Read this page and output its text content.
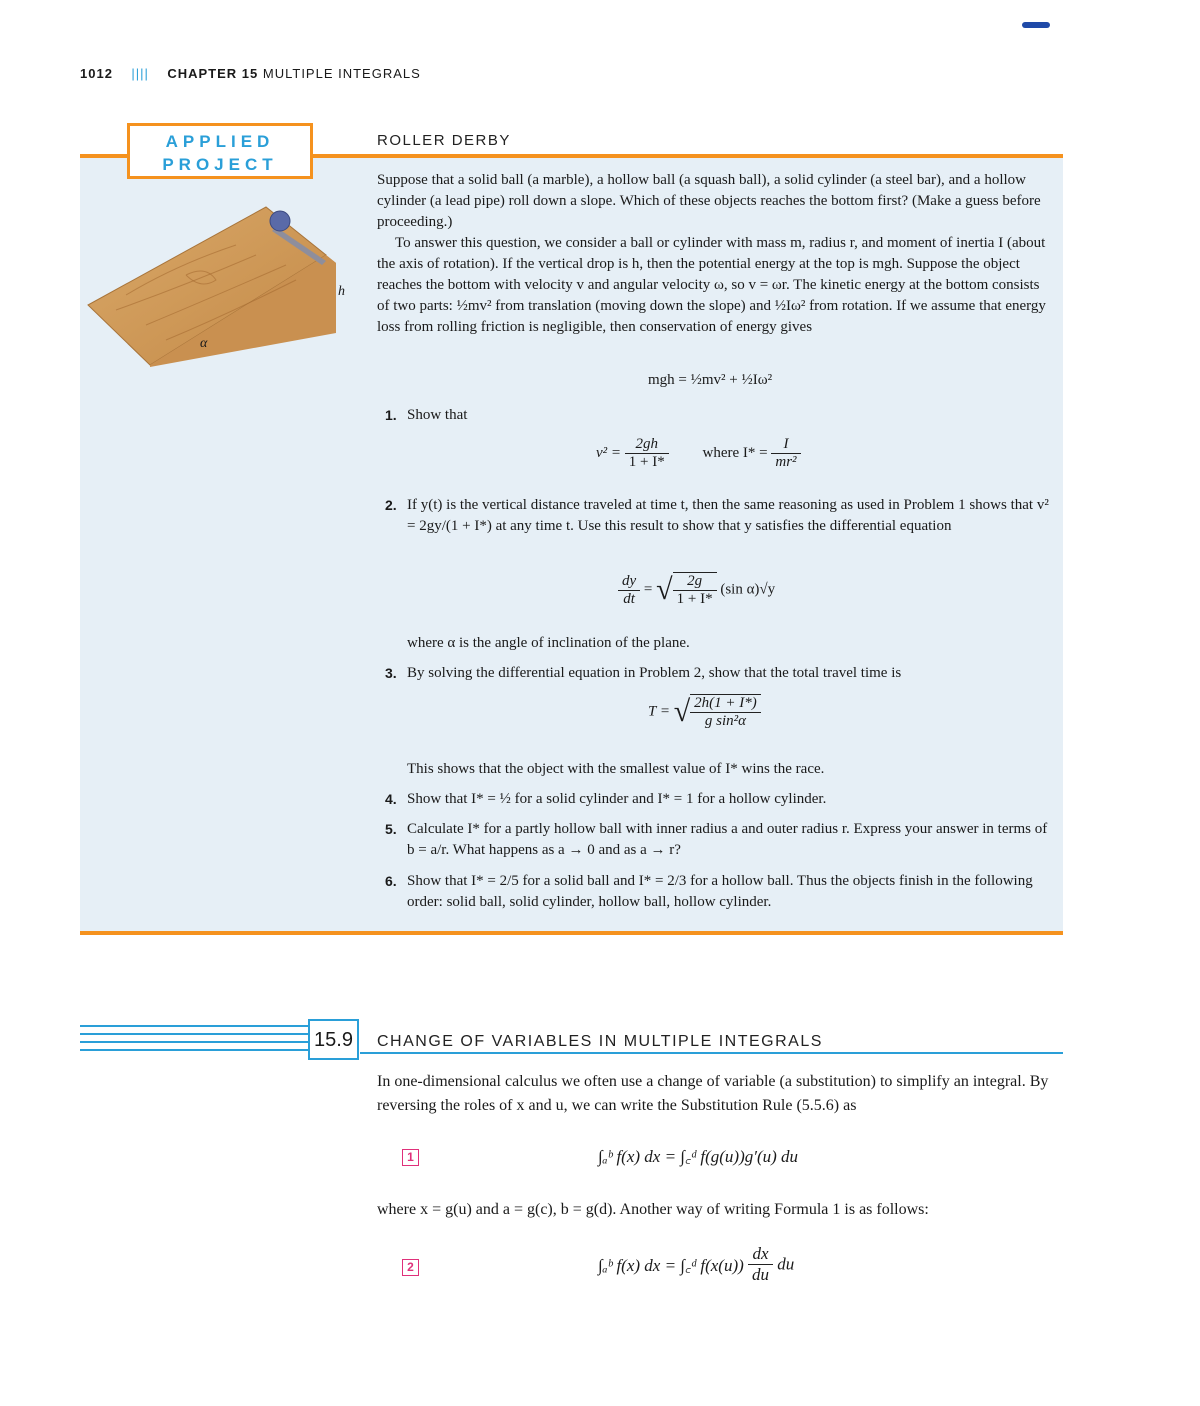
1012 |||| CHAPTER 15 MULTIPLE INTEGRALS
APPLIED
PROJECT
ROLLER DERBY
h
α

Suppose that a solid ball (a marble), a hollow ball (a squash ball), a solid cylinder (a steel bar), and a hollow cylinder (a lead pipe) roll down a slope. Which of these objects reaches the bottom first? (Make a guess before proceeding.)

To answer this question, we consider a ball or cylinder with mass m, radius r, and moment of inertia I (about the axis of rotation). If the vertical drop is h, then the potential energy at the top is mgh. Suppose the object reaches the bottom with velocity v and angular velocity ω, so v = ωr. The kinetic energy at the bottom consists of two parts: ½mv² from translation (moving down the slope) and ½Iω² from rotation. If we assume that energy loss from rolling friction is negligible, then conservation of energy gives

mgh = ½mv² + ½Iω²
1. Show that
$v^2 = \frac{2gh}{1 + I*}$ where $I* = \frac{I}{\text{mr²}}$
2. If y(t) is the vertical distance traveled at time t, then the same reasoning as used in Problem 1 shows that v² = 2gy/(1 + I*) at any time t. Use this result to show that y satisfies the differential equation
$\frac{dy}{dt}$ = √ $\frac{2g}{1 + I*} (\sin$ α)√y
where α is the angle of inclination of the plane.
3. By solving the differential equation in Problem 2, show that the total travel time is
T = √ $\frac{2h(1 + I*)}{\text{g sin²α}}$
This shows that the object with the smallest value of I* wins the race.
4. Show that I* = ½ for a solid cylinder and I* = 1 for a hollow cylinder.
5. Calculate I* for a partly hollow ball with inner radius a and outer radius r. Express your answer in terms of b = a/r. What happens as a → 0 and as a → r?
6. Show that I* = 2/5 for a solid ball and I* = 2/3 for a hollow ball. Thus the objects finish in the following order: solid ball, solid cylinder, hollow ball, hollow cylinder.
15.9	CHANGE OF VARIABLES IN MULTIPLE INTEGRALS
In one-dimensional calculus we often use a change of variable (a substitution) to simplify an integral. By reversing the roles of x and u, we can write the Substitution Rule (5.5.6) as
1	∫ₐᵇ f(x) dx = ∫꜀ᵈ f(g(u))g′(u) du
where x = g(u) and a = g(c), b = g(d). Another way of writing Formula 1 is as follows:
2	∫ₐᵇ f(x) dx = ∫꜀ᵈ $f(x(u)) \frac{dx}{du}$ du
